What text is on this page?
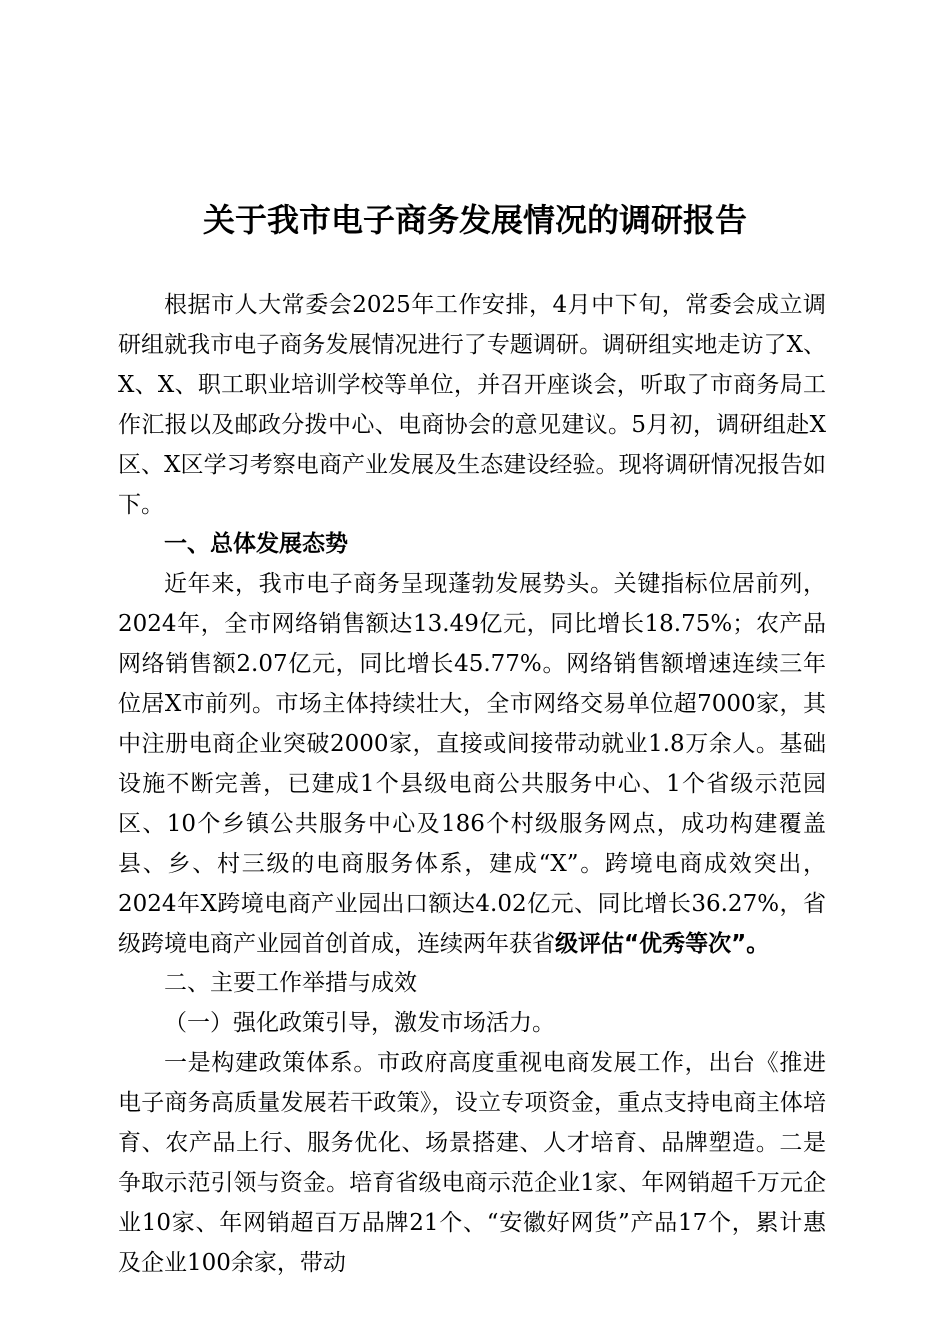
关于我市电子商务发展情况的调研报告

根据市人大常委会2025年工作安排，4月中下旬，常委会成立调研组就我市电子商务发展情况进行了专题调研。调研组实地走访了X、X、X、职工职业培训学校等单位，并召开座谈会，听取了市商务局工作汇报以及邮政分拨中心、电商协会的意见建议。5月初，调研组赴X区、X区学习考察电商产业发展及生态建设经验。现将调研情况报告如下。

一、总体发展态势

近年来，我市电子商务呈现蓬勃发展势头。关键指标位居前列，2024年，全市网络销售额达13.49亿元，同比增长18.75%；农产品网络销售额2.07亿元，同比增长45.77%。网络销售额增速连续三年位居X市前列。市场主体持续壮大，全市网络交易单位超7000家，其中注册电商企业突破2000家，直接或间接带动就业1.8万余人。基础设施不断完善，已建成1个县级电商公共服务中心、1个省级示范园区、10个乡镇公共服务中心及186个村级服务网点，成功构建覆盖县、乡、村三级的电商服务体系，建成“X”。跨境电商成效突出，2024年X跨境电商产业园出口额达4.02亿元、同比增长36.27%，省级跨境电商产业园首创首成，连续两年获省级评估“优秀等次”。

二、主要工作举措与成效

（一）强化政策引导，激发市场活力。

一是构建政策体系。市政府高度重视电商发展工作，出台《推进电子商务高质量发展若干政策》，设立专项资金，重点支持电商主体培育、农产品上行、服务优化、场景搭建、人才培育、品牌塑造。二是争取示范引领与资金。培育省级电商示范企业1家、年网销超千万元企业10家、年网销超百万品牌21个、“安徽好网货”产品17个，累计惠及企业100余家，带动
